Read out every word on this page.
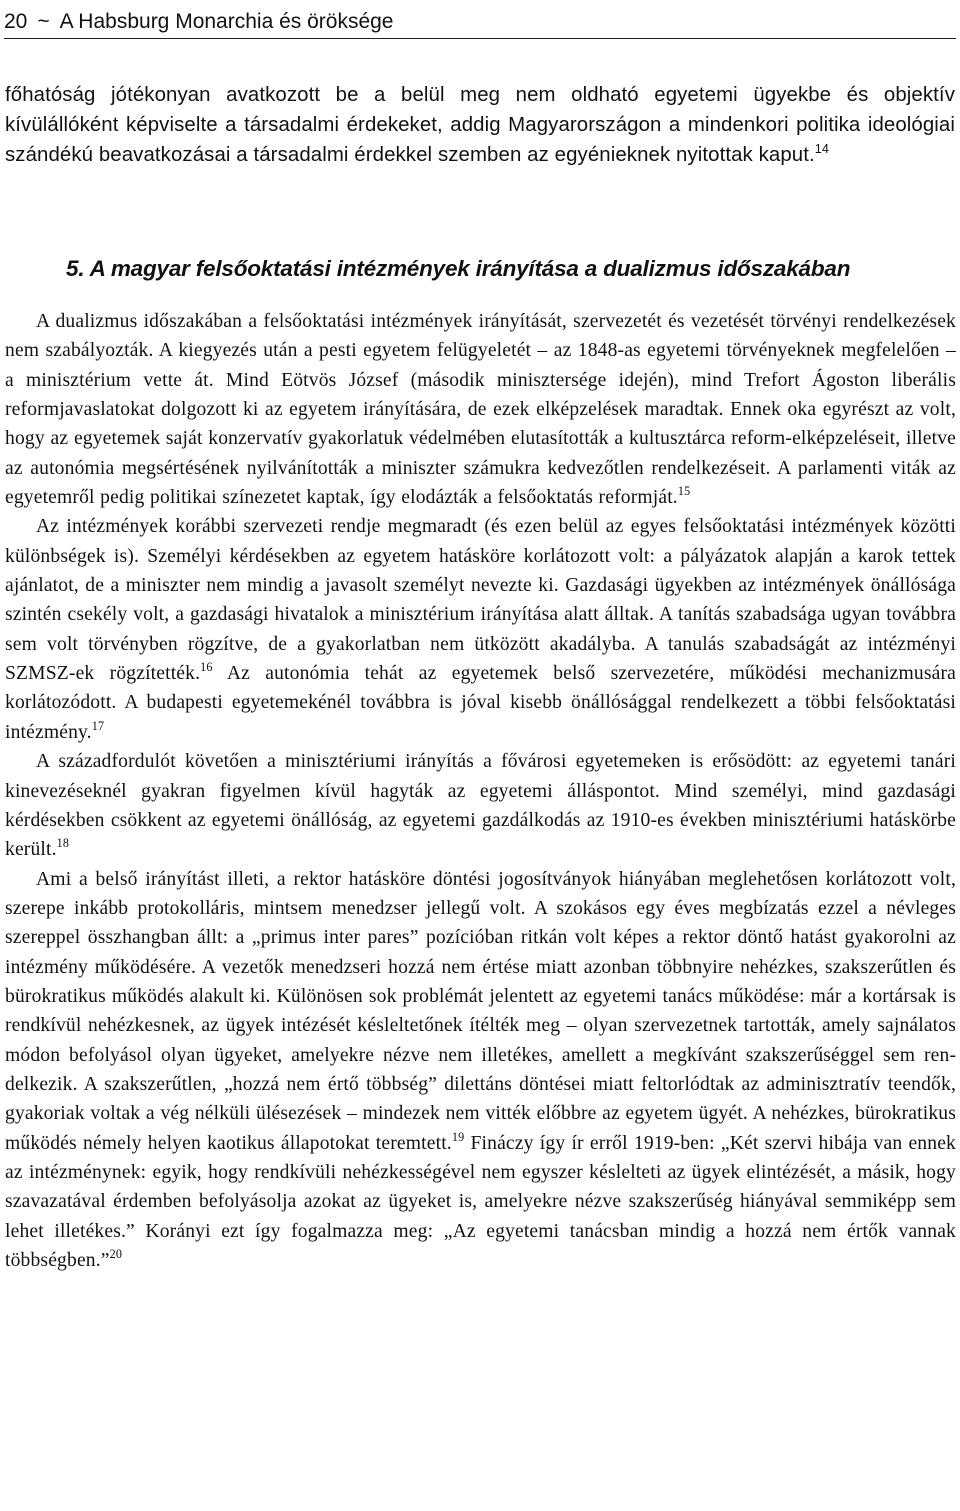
20 ~ A Habsburg Monarchia és öröksége

főhatóság jótékonyan avatkozott be a belül meg nem oldható egyetemi ügyekbe és objektív kívülállóként képviselte a társadalmi érdekeket, addig Magyarországon a mindenkori politika ideológiai szándékú beavatkozásai a társadalmi érdekkel szemben az egyénieknek nyitottak kaput.$^{14}$

5. A magyar felsőoktatási intézmények irányítása a dualizmus időszakában

A dualizmus időszakában a felsőoktatási intézmények irányítását, szervezetét és vezetését törvényi rendelkezések nem szabályozták. A kiegyezés után a pesti egyetem felügyeletét – az 1848-as egyetemi törvényeknek megfelelően – a minisztérium vette át. Mind Eötvös József (második minisztersége idején), mind Trefort Ágoston liberális reformjavaslatokat dolgozott ki az egyetem irányítására, de ezek elképzelések maradtak. Ennek oka egyrészt az volt, hogy az egyetemek saját konzervatív gyakorlatuk védelmében elutasították a kultusztárca reform-elképzeléseit, illetve az autonómia megsértésének nyilvánították a miniszter számukra kedvezőtlen rendelkezéseit. A parlamenti viták az egyetemről pedig politikai színezetet kaptak, így elodázták a felsőoktatás reformját.$^{15}$

Az intézmények korábbi szervezeti rendje megmaradt (és ezen belül az egyes felsőoktatási intézmények közötti különbségek is). Személyi kérdésekben az egyetem hatásköre korlátozott volt: a pályázatok alapján a karok tettek ajánlatot, de a miniszter nem mindig a javasolt személyt nevezte ki. Gazdasági ügyekben az intézmények önállósága szintén csekély volt, a gazdasági hivatalok a minisztérium irányítása alatt álltak. A tanítás szabadsága ugyan továbbra sem volt törvényben rögzítve, de a gyakorlatban nem ütközött akadályba. A tanulás szabadságát az intézményi SZMSZ-ek rögzítették.$^{16}$ Az autonómia tehát az egyetemek belső szervezetére, működési mechanizmusára korlátozódott. A budapesti egyetemekénél továbbra is jóval kisebb önállósággal rendelkezett a többi felsőoktatási intézmény.$^{17}$

A századfordulót követően a minisztériumi irányítás a fővárosi egyetemeken is erősödött: az egyetemi tanári kinevezéseknél gyakran figyelmen kívül hagyták az egyetemi álláspontot. Mind személyi, mind gazdasági kérdésekben csökkent az egyetemi önállóság, az egyetemi gazdálkodás az 1910-es években minisztériumi hatáskörbe került.$^{18}$

Ami a belső irányítást illeti, a rektor hatásköre döntési jogosítványok hiányában meglehetősen korlátozott volt, szerepe inkább protokolláris, mintsem menedzser jellegű volt. A szokásos egy éves megbízatás ezzel a névleges szereppel összhangban állt: a „primus inter pares” pozícióban ritkán volt képes a rektor döntő hatást gyakorolni az intézmény működésére. A vezetők menedzseri hozzá nem értése miatt azonban többnyire nehézkes, szakszerűtlen és bürokratikus működés alakult ki. Különösen sok problémát jelentett az egyetemi tanács működése: már a kortársak is rendkívül nehézkesnek, az ügyek intézését késleltetőnek ítélték meg – olyan szervezetnek tartották, amely sajnálatos módon befolyásol olyan ügyeket, amelyekre nézve nem illetékes, amellett a megkívánt szakszerűséggel sem rendelkezik. A szakszerűtlen, „hozzá nem értő többség” dilettáns döntései miatt feltorlódtak az adminisztratív teendők, gyakoriak voltak a vég nélküli ülésezések – mindezek nem vitték előbbre az egyetem ügyét. A nehézkes, bürokratikus működés némely helyen kaotikus állapotokat teremtett.$^{19}$ Fináczy így ír erről 1919-ben: „Két szervi hibája van ennek az intézménynek: egyik, hogy rendkívüli nehézkességével nem egyszer késlelteti az ügyek elintézését, a másik, hogy szavazatával érdemben befolyásolja azokat az ügyeket is, amelyekre nézve szakszerűség hiányával semmiképp sem lehet illetékes.” Korányi ezt így fogalmazza meg: „Az egyetemi tanácsban mindig a hozzá nem értők vannak többségben.”$^{20}$
